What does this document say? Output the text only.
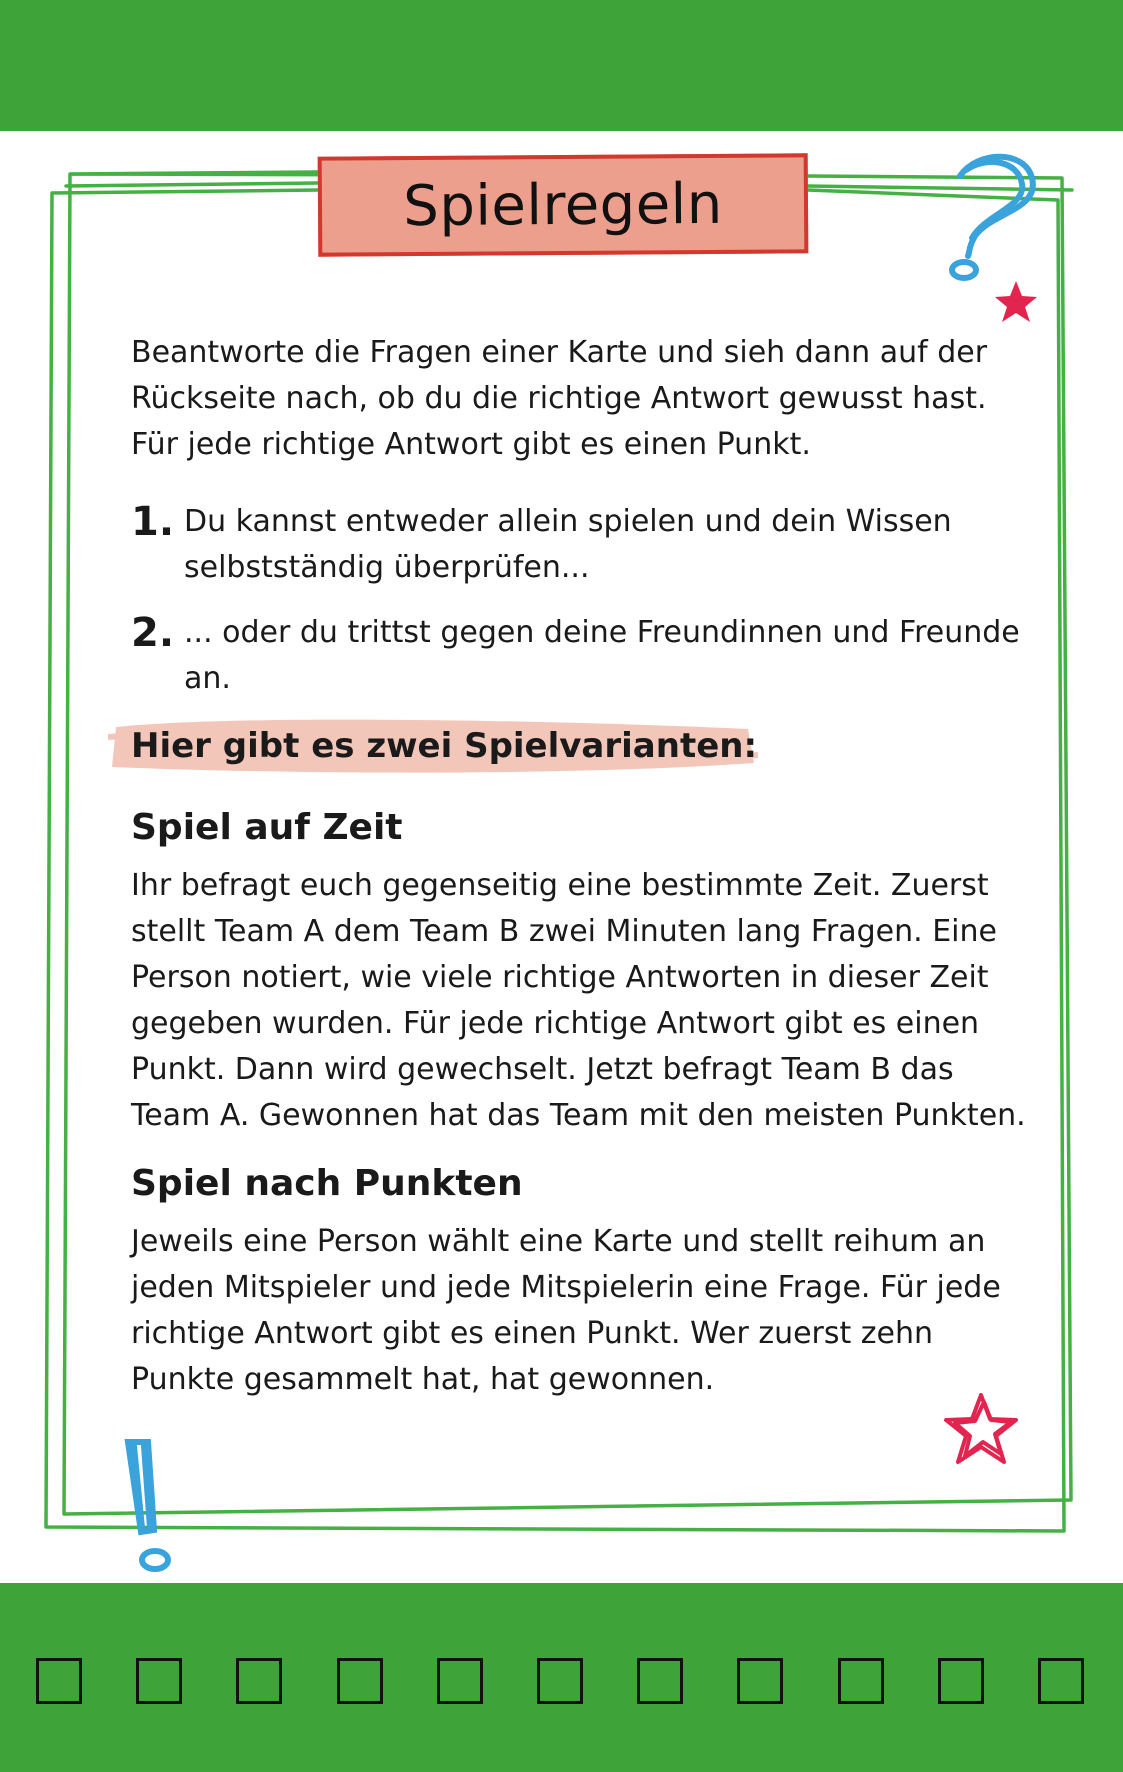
Spielregeln

Beantworte die Fragen einer Karte und sieh dann auf der Rückseite nach, ob du die richtige Antwort gewusst hast. Für jede richtige Antwort gibt es einen Punkt.

1. Du kannst entweder allein spielen und dein Wissen selbstständig überprüfen...
2. ... oder du trittst gegen deine Freundinnen und Freunde an.
Hier gibt es zwei Spielvarianten:
Spiel auf Zeit

Ihr befragt euch gegenseitig eine bestimmte Zeit. Zuerst stellt Team A dem Team B zwei Minuten lang Fragen. Eine Person notiert, wie viele richtige Antworten in dieser Zeit gegeben wurden. Für jede richtige Antwort gibt es einen Punkt. Dann wird gewechselt. Jetzt befragt Team B das Team A. Gewonnen hat das Team mit den meisten Punkten.

Spiel nach Punkten

Jeweils eine Person wählt eine Karte und stellt reihum an jeden Mitspieler und jede Mitspielerin eine Frage. Für jede richtige Antwort gibt es einen Punkt. Wer zuerst zehn Punkte gesammelt hat, hat gewonnen.
